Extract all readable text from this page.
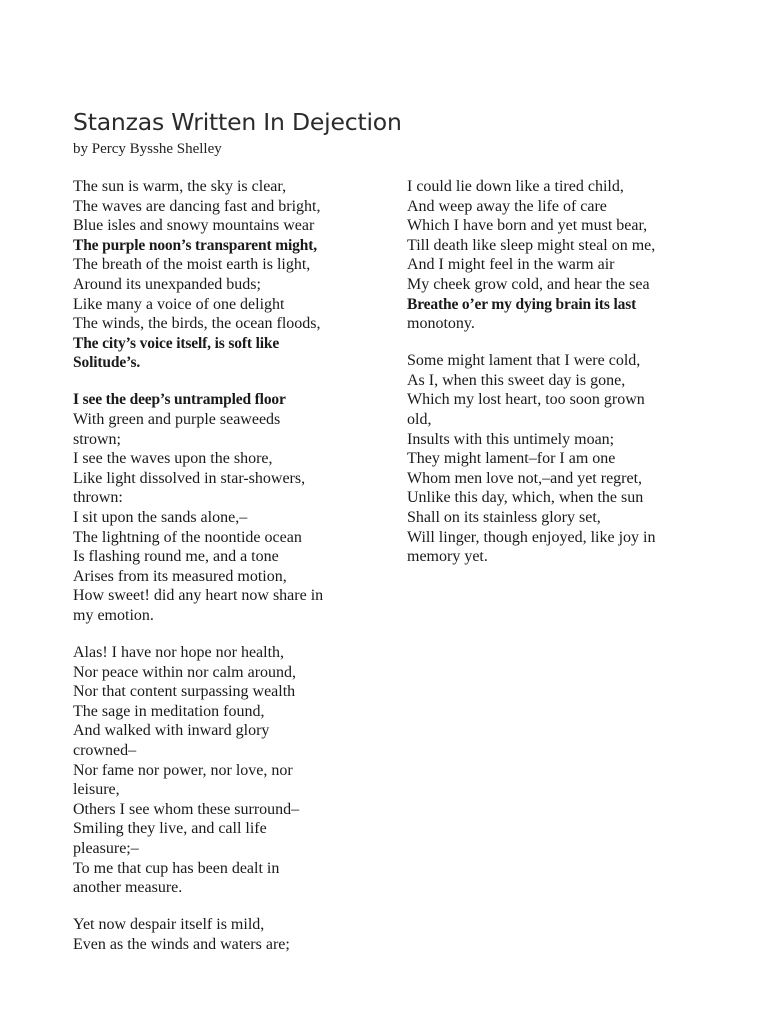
Stanzas Written In Dejection
by Percy Bysshe Shelley
The sun is warm, the sky is clear,
The waves are dancing fast and bright,
Blue isles and snowy mountains wear
The purple noon’s transparent might,
The breath of the moist earth is light,
Around its unexpanded buds;
Like many a voice of one delight
The winds, the birds, the ocean floods,
The city’s voice itself, is soft like
Solitude’s.
I see the deep’s untrampled floor
With green and purple seaweeds
strown;
I see the waves upon the shore,
Like light dissolved in star-showers,
thrown:
I sit upon the sands alone,–
The lightning of the noontide ocean
Is flashing round me, and a tone
Arises from its measured motion,
How sweet! did any heart now share in
my emotion.
Alas! I have nor hope nor health,
Nor peace within nor calm around,
Nor that content surpassing wealth
The sage in meditation found,
And walked with inward glory
crowned–
Nor fame nor power, nor love, nor
leisure,
Others I see whom these surround–
Smiling they live, and call life
pleasure;–
To me that cup has been dealt in
another measure.
Yet now despair itself is mild,
Even as the winds and waters are;
I could lie down like a tired child,
And weep away the life of care
Which I have born and yet must bear,
Till death like sleep might steal on me,
And I might feel in the warm air
My cheek grow cold, and hear the sea
Breathe o’er my dying brain its last
monotony.
Some might lament that I were cold,
As I, when this sweet day is gone,
Which my lost heart, too soon grown
old,
Insults with this untimely moan;
They might lament–for I am one
Whom men love not,–and yet regret,
Unlike this day, which, when the sun
Shall on its stainless glory set,
Will linger, though enjoyed, like joy in
memory yet.
